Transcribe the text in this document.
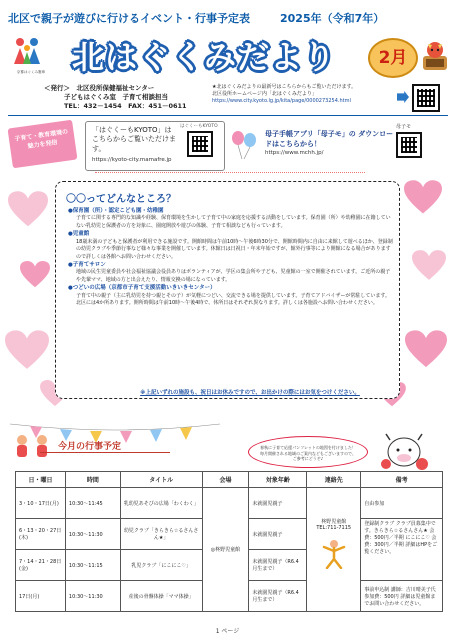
北区で親子が遊びに行けるイベント・行事予定表	2025年（令和7年）
京都はぐくみ憲章 北はぐくみだより	2月
＜発行＞　北区役所保健福祉センター
子どもはぐくみ室　子育て相談担当
TEL：432－1454　FAX：451－0611
★北はぐくみだよりの最新号はこちらからもご覧いただけます。
北区役所ホームページ内「北はぐくみだより」
https://www.city.kyoto.lg.jp/kita/page/0000273254.html
子育て・教育環境の魅力を発信
「はぐくーもKYOTO」は こちらからご覧いただけます。
https://kyoto-city.mamafre.jp
はぐくーもKYOTO
母子手帳アプリ「母子モ」の ダウンロードはこちらから！
https://www.mchh.jp/
母子モ
〇〇ってどんなところ？
●保育園（所）・認定こども園・幼稚園

子育てに関する専門的な知識や経験、保育環境を生かして子育て中の家庭を応援する活動をしています。保育園（所）や幼稚園に在籍していない乳幼児と保護者の方を対象に、園庭開放や遊びの体験、子育て相談なども行っています。

●児童館

18歳未満の子どもと保護者が利用できる施設です。開館時間は午前10時～午後6時30分で、開館時間内に自由に来館して遊べるほか、登録制の幼児クラブや季節行事など様々な事業を開催しています。休館日は日祝日・年末年始ですが、館外行事等により開館になる場合がありますので詳しくは各館へお問い合わせください。

●子育てサロン

地域の民生児童委員や社会福祉協議会役員ありはボランティアが、学区の集会所や子ども、児童館の一室で開催されています。ご近所の親子や先輩ママ、地域の方と出会えたり、情報交換の場になっています。

●つどいの広場（京都市子育て支援活動いきいきセンター）

子育て中の親子（主に乳幼児を持つ親とその子）が気軽につどい、交流できる場を提供しています。子育てアドバイザーが常駐しています。北区には4か所あります。開所時間は午前10時～午後4時で、休所日はそれぞれ異なります。詳しくは各施設へお問い合わせください。

※上記いずれの施設も、祝日はお休みですので、お出かけの際にはお気をつけください。
今月の行事予定	春秋に子育て応援パンフレットの地図を付けました！毎月開催される地域のご案内などもございますので、ご参考にどうぞ♪
日・曜日	時間	タイトル	会場	対象年齢	連絡先	備考
3・10・17日(月)	10:30～11:45	乳幼児あそびの広場「わくわく」	◎柊野児童館	未就園児親子	柊野児童館 TEL:711-7115	自由参加
6・13・20・27日(木)	10:30～11:30	幼児クラブ「きらきら☆るさんさん★」		未就園児親子		登録制クラブ クラブ員募集中です。きらきら☆るさんさん★ 会費：500円／半期 にこにこ♡ 会費：300円／半期 詳細はHPをご覧ください。
7・14・21・28日(金)	10:30～11:15	乳児クラブ「にこにこ♡」		未就園児親子（R6.4月生まで）		
17日(月)	10:30～11:30	産後の骨盤体操「ママ体操」		未就園児親子（R6.4月生まで）		事前申込制 講師：吉川晴美子氏 参加費：500円 詳細は児童館までお問い合わせください。
1 ページ
